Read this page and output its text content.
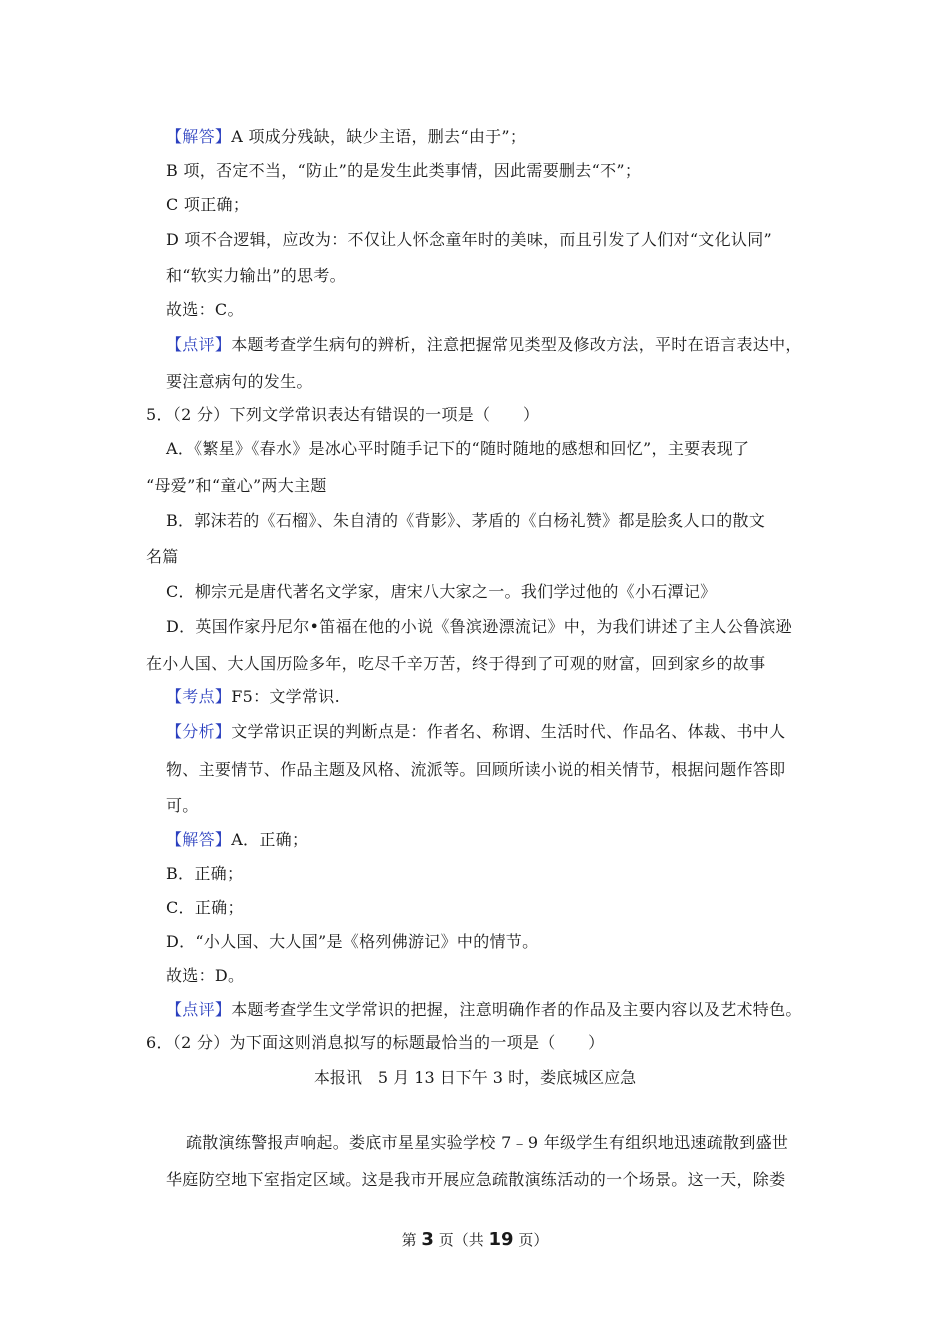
【解答】A 项成分残缺，缺少主语，删去“由于”；
B 项，否定不当，“防止”的是发生此类事情，因此需要删去“不”；
C 项正确；
D 项不合逻辑，应改为：不仅让人怀念童年时的美味，而且引发了人们对“文化认同”
和“软实力输出”的思考。
故选：C。
【点评】本题考查学生病句的辨析，注意把握常见类型及修改方法，平时在语言表达中，
要注意病句的发生。
5．（2 分）下列文学常识表达有错误的一项是（　　）
A．《繁星》《春水》是冰心平时随手记下的“随时随地的感想和回忆”，主要表现了
“母爱”和“童心”两大主题
B．郭沫若的《石榴》、朱自清的《背影》、茅盾的《白杨礼赞》都是脍炙人口的散文
名篇
C．柳宗元是唐代著名文学家，唐宋八大家之一。我们学过他的《小石潭记》
D．英国作家丹尼尔•笛福在他的小说《鲁滨逊漂流记》中，为我们讲述了主人公鲁滨逊
在小人国、大人国历险多年，吃尽千辛万苦，终于得到了可观的财富，回到家乡的故事
【考点】F5：文学常识.
【分析】文学常识正误的判断点是：作者名、称谓、生活时代、作品名、体裁、书中人
物、主要情节、作品主题及风格、流派等。回顾所读小说的相关情节，根据问题作答即
可。
【解答】A．正确；
B．正确；
C．正确；
D．“小人国、大人国”是《格列佛游记》中的情节。
故选：D。
【点评】本题考查学生文学常识的把握，注意明确作者的作品及主要内容以及艺术特色。
6．（2 分）为下面这则消息拟写的标题最恰当的一项是（　　）
本报讯　5 月 13 日下午 3 时，娄底城区应急
疏散演练警报声响起。娄底市星星实验学校 7﹣9 年级学生有组织地迅速疏散到盛世
华庭防空地下室指定区域。这是我市开展应急疏散演练活动的一个场景。这一天，除娄
第 3 页（共 19 页）
